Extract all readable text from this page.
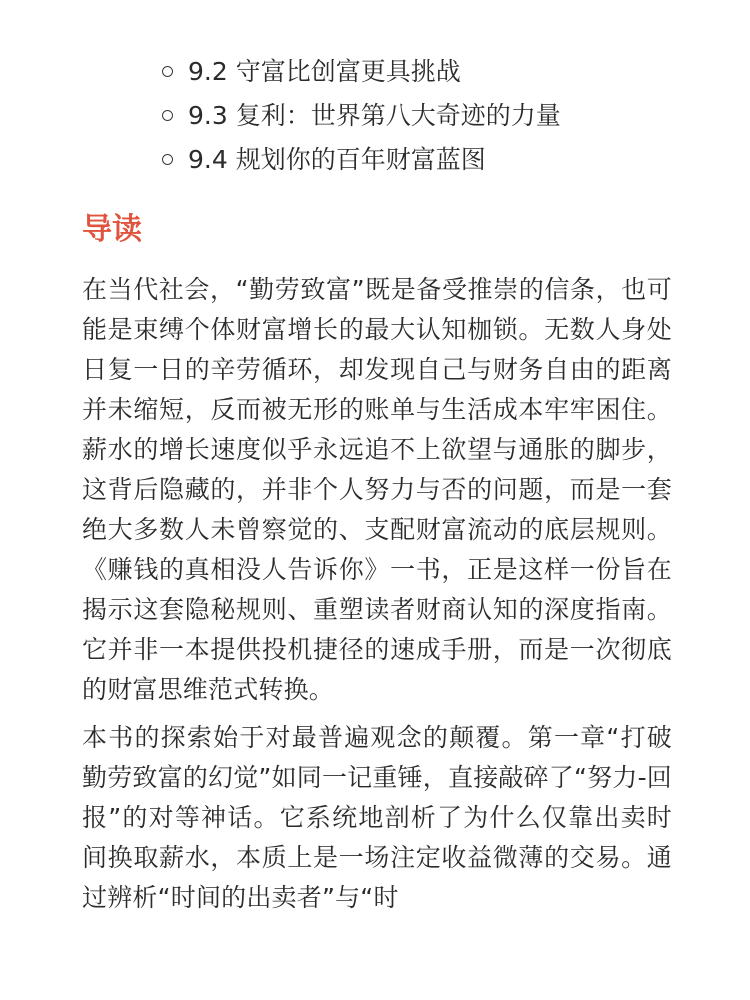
9.2 守富比创富更具挑战
9.3 复利：世界第八大奇迹的力量
9.4 规划你的百年财富蓝图
导读

在当代社会，“勤劳致富”既是备受推崇的信条，也可能是束缚个体财富增长的最大认知枷锁。无数人身处日复一日的辛劳循环，却发现自己与财务自由的距离并未缩短，反而被无形的账单与生活成本牢牢困住。薪水的增长速度似乎永远追不上欲望与通胀的脚步，这背后隐藏的，并非个人努力与否的问题，而是一套绝大多数人未曾察觉的、支配财富流动的底层规则。《赚钱的真相没人告诉你》一书，正是这样一份旨在揭示这套隐秘规则、重塑读者财商认知的深度指南。它并非一本提供投机捷径的速成手册，而是一次彻底的财富思维范式转换。

本书的探索始于对最普遍观念的颠覆。第一章“打破勤劳致富的幻觉”如同一记重锤，直接敲碎了“努力-回报”的对等神话。它系统地剖析了为什么仅靠出卖时间换取薪水，本质上是一场注定收益微薄的交易。通过辨析“时间的出卖者”与“时
